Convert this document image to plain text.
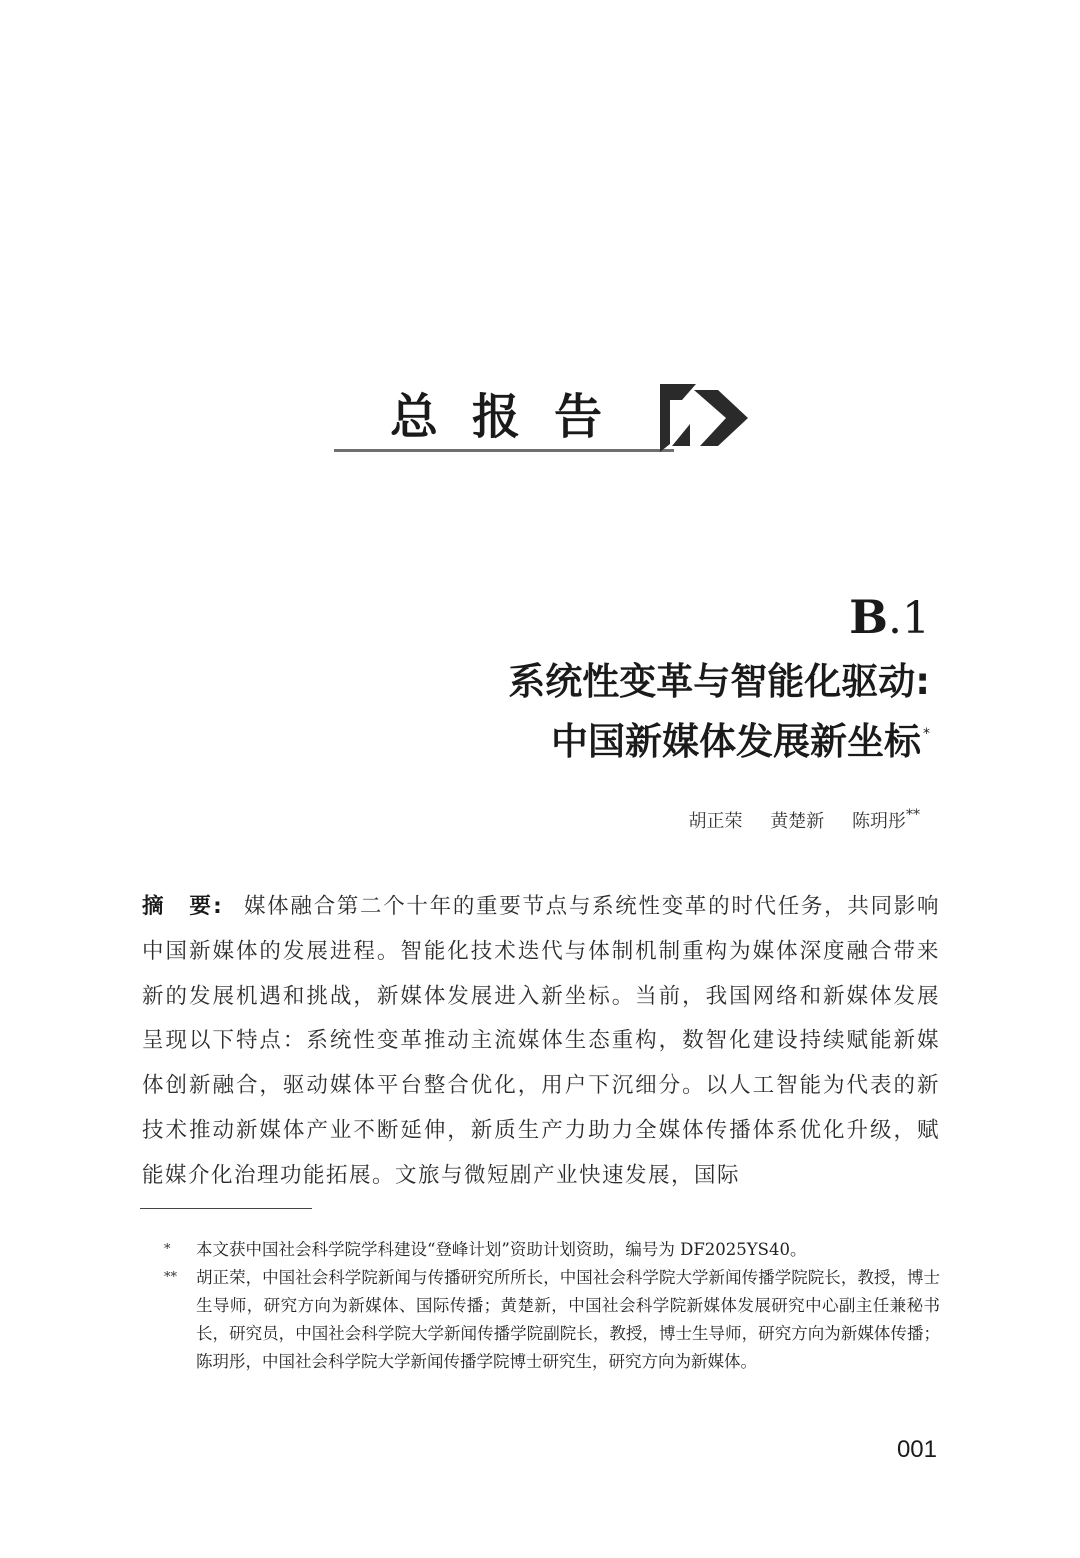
总报告
B.1
系统性变革与智能化驱动:
中国新媒体发展新坐标 *
胡正荣 黄楚新 陈玥彤**
摘　要: 媒体融合第二个十年的重要节点与系统性变革的时代任务，共同影响中国新媒体的发展进程。智能化技术迭代与体制机制重构为媒体深度融合带来新的发展机遇和挑战，新媒体发展进入新坐标。当前，我国网络和新媒体发展呈现以下特点：系统性变革推动主流媒体生态重构，数智化建设持续赋能新媒体创新融合，驱动媒体平台整合优化，用户下沉细分。以人工智能为代表的新技术推动新媒体产业不断延伸，新质生产力助力全媒体传播体系优化升级，赋能媒介化治理功能拓展。文旅与微短剧产业快速发展，国际
* 本文获中国社会科学院学科建设“登峰计划”资助计划资助，编号为 DF2025YS40。
** 胡正荣，中国社会科学院新闻与传播研究所所长，中国社会科学院大学新闻传播学院院长，教授，博士生导师，研究方向为新媒体、国际传播；黄楚新，中国社会科学院新媒体发展研究中心副主任兼秘书长，研究员，中国社会科学院大学新闻传播学院副院长，教授，博士生导师，研究方向为新媒体传播；陈玥彤，中国社会科学院大学新闻传播学院博士研究生，研究方向为新媒体。
001
